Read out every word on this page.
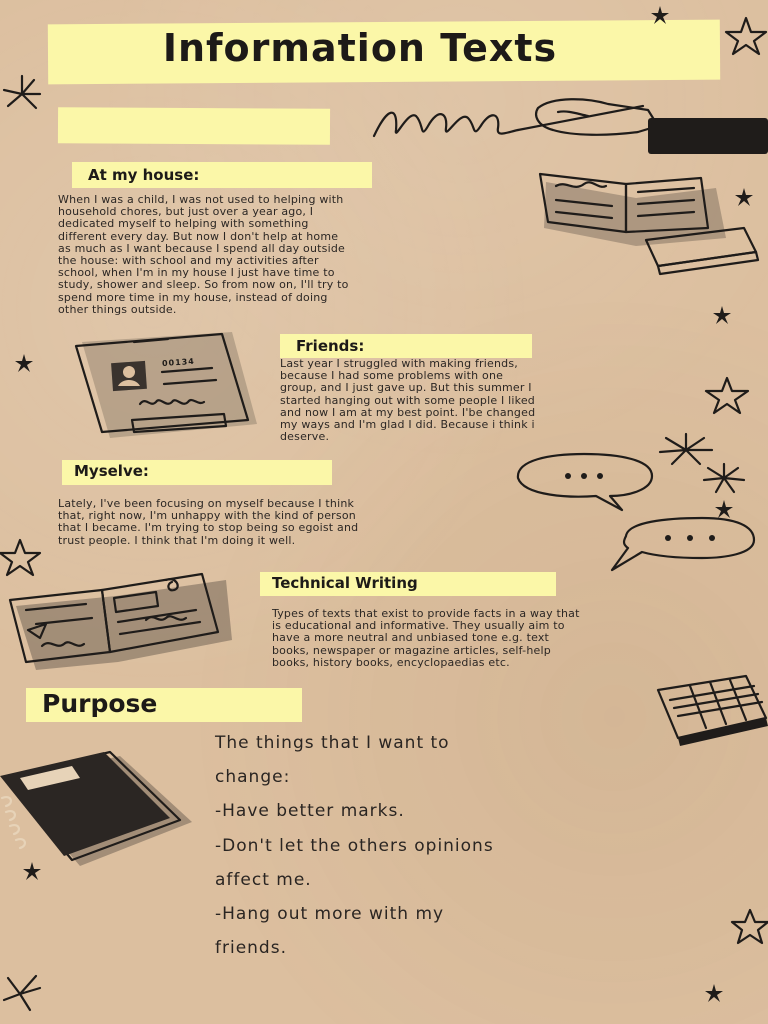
Information Texts
At my house:
When I was a child, I was not used to helping with
household chores, but just over a year ago, I
dedicated myself to helping with something
different every day. But now I don't help at home
as much as I want because I spend all day outside
the house: with school and my activities after
school, when I'm in my house I just have time to
study, shower and sleep. So from now on, I'll try to
spend more time in my house, instead of doing
other things outside.
00134
Friends:
Last year I struggled with making friends,
because I had some problems with one
group, and I just gave up. But this summer I
started hanging out with some people I liked
and now I am at my best point. I'be changed
my ways and I'm glad I did. Because i think i
deserve.
Myselve:
Lately, I've been focusing on myself because I think
that, right now, I'm unhappy with the kind of person
that I became. I'm trying to stop being so egoist and
trust people. I think that I'm doing it well.
Technical Writing
Types of texts that exist to provide facts in a way that
is educational and informative. They usually aim to
have a more neutral and unbiased tone e.g. text
books, newspaper or magazine articles, self-help
books, history books, encyclopaedias etc.
Purpose
The things that I want to
change:
-Have better marks.
-Don't let the others opinions
affect me.
-Hang out more with my
friends.
